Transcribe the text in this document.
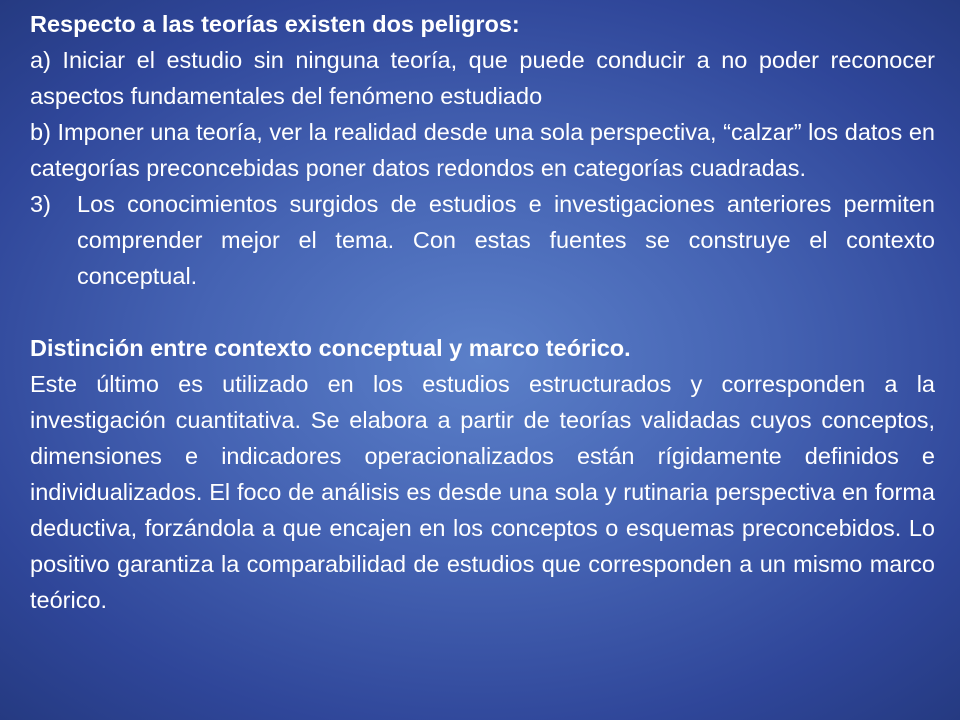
Respecto a las teorías existen dos peligros:

a) Iniciar el estudio sin ninguna teoría, que puede conducir a no poder reconocer aspectos fundamentales del fenómeno estudiado

b) Imponer una teoría, ver la realidad desde una sola perspectiva, “calzar” los datos en categorías preconcebidas poner datos redondos en categorías cuadradas.

3)	Los conocimientos surgidos de estudios e investigaciones anteriores permiten comprender mejor el tema. Con estas fuentes se construye el contexto conceptual.

Distinción entre contexto conceptual y marco teórico.

Este último es utilizado en los estudios estructurados y corresponden a la investigación cuantitativa. Se elabora a partir de teorías validadas cuyos conceptos, dimensiones e indicadores operacionalizados están rígidamente definidos e individualizados. El foco de análisis es desde una sola y rutinaria perspectiva en forma deductiva, forzándola a que encajen en los conceptos o esquemas preconcebidos. Lo positivo garantiza la comparabilidad de estudios que corresponden a un mismo marco teórico.
